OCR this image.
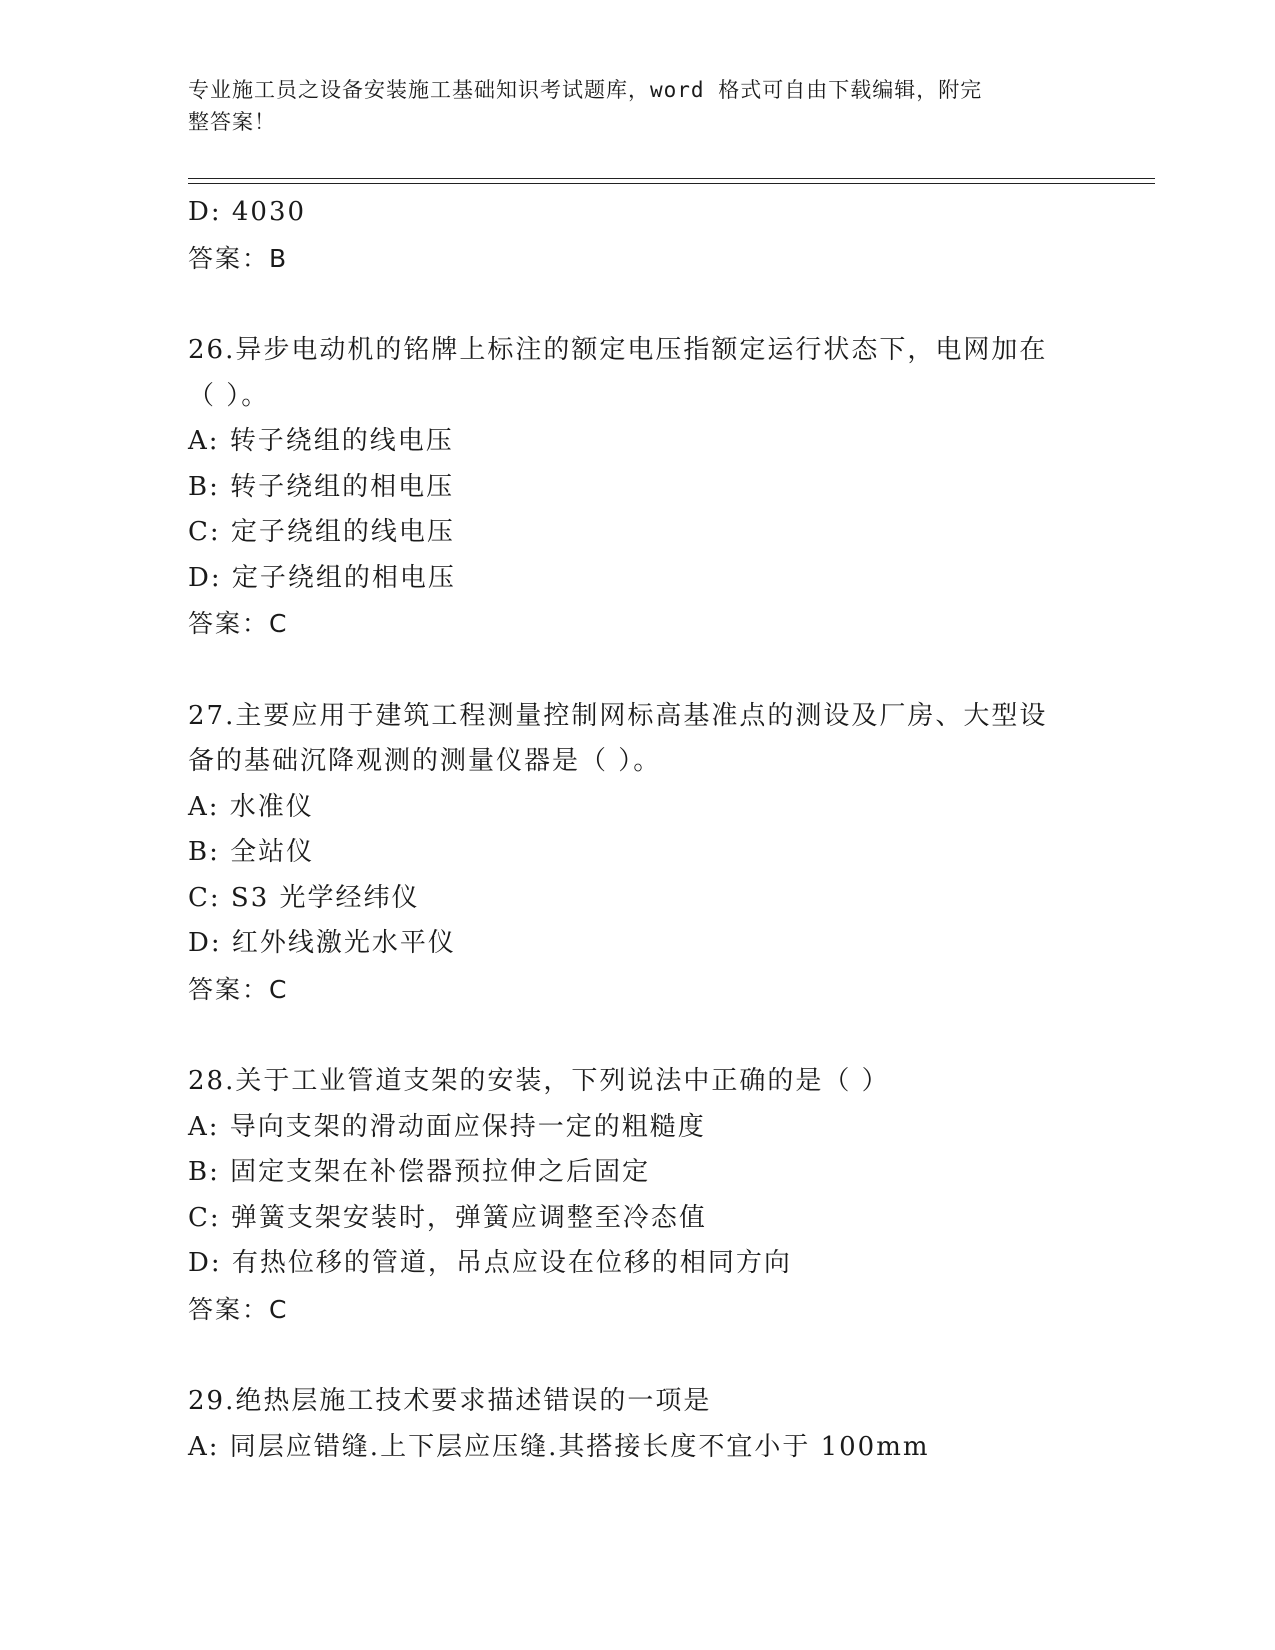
专业施工员之设备安装施工基础知识考试题库，word 格式可自由下载编辑，附完
整答案！
D: 4030
答案：B
26.异步电动机的铭牌上标注的额定电压指额定运行状态下，电网加在
（ ）。
A: 转子绕组的线电压
B: 转子绕组的相电压
C: 定子绕组的线电压
D: 定子绕组的相电压
答案：C
27.主要应用于建筑工程测量控制网标高基准点的测设及厂房、大型设
备的基础沉降观测的测量仪器是（ ）。
A: 水准仪
B: 全站仪
C: S3 光学经纬仪
D: 红外线激光水平仪
答案：C
28.关于工业管道支架的安装，下列说法中正确的是（ ）
A: 导向支架的滑动面应保持一定的粗糙度
B: 固定支架在补偿器预拉伸之后固定
C: 弹簧支架安装时，弹簧应调整至冷态值
D: 有热位移的管道，吊点应设在位移的相同方向
答案：C
29.绝热层施工技术要求描述错误的一项是
A: 同层应错缝.上下层应压缝.其搭接长度不宜小于 100mm
